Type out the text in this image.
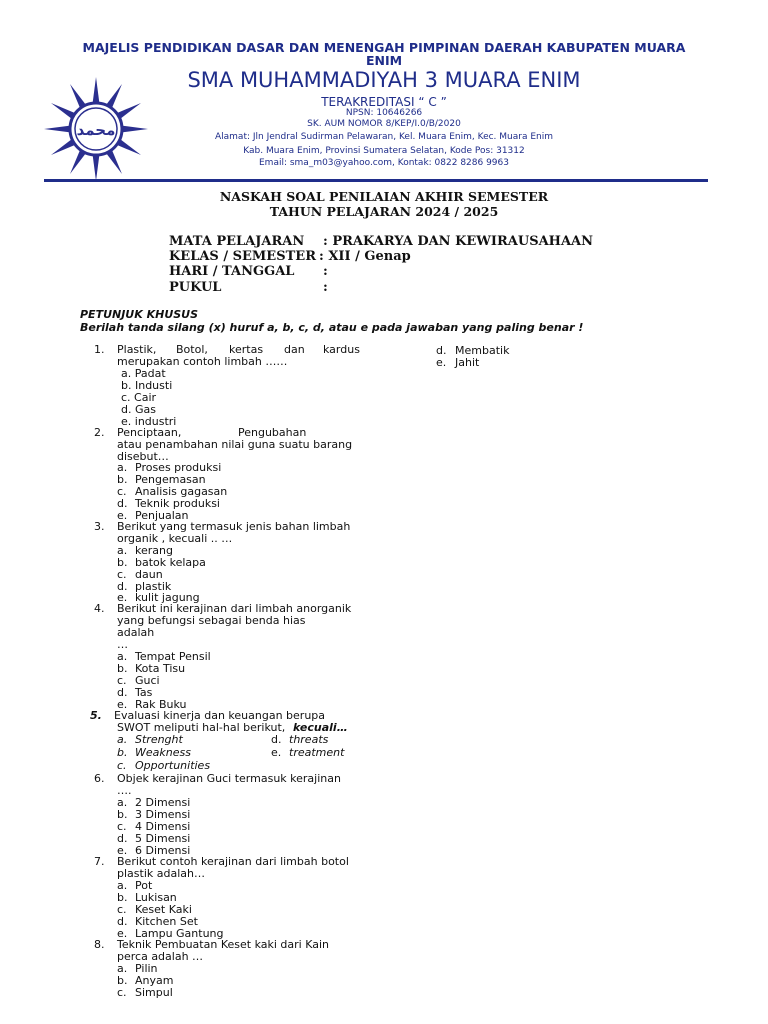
MAJELIS PENDIDIKAN DASAR DAN MENENGAH PIMPINAN DAERAH KABUPATEN MUARA
ENIM
محمد
SMA MUHAMMADIYAH 3 MUARA ENIM
TERAKREDITASI “ C ”
NPSN: 10646266
SK. AUM NOMOR 8/KEP/I.0/B/2020
Alamat: Jln Jendral Sudirman Pelawaran, Kel. Muara Enim, Kec. Muara Enim
Kab. Muara Enim, Provinsi Sumatera Selatan, Kode Pos: 31312
Email: sma_m03@yahoo.com, Kontak: 0822 8286 9963
NASKAH SOAL PENILAIAN AKHIR SEMESTER
TAHUN PELAJARAN 2024 / 2025
MATA PELAJARAN : PRAKARYA DAN KEWIRAUSAHAAN
KELAS / SEMESTER : XII / Genap
HARI / TANGGAL :
PUKUL	:
PETUNJUK KHUSUS
Berilah tanda silang (x) huruf a, b, c, d, atau e pada jawaban yang paling benar !
1. Plastik, Botol, kertas dan kardus
merupakan contoh limbah ……
a. Padat
b. Industi
c. Cair
d. Gas
e. industri
2. Penciptaan,	Pengubahan
atau penambahan nilai guna suatu barang
disebut…
a. Proses produksi
b. Pengemasan
c. Analisis gagasan
d. Teknik produksi
e. Penjualan
3. Berikut yang termasuk jenis bahan limbah
organik , kecuali .. …
a. kerang
b. batok kelapa
c. daun
d. plastik
e. kulit jagung
4. Berikut ini kerajinan dari limbah anorganik
yang befungsi sebagai benda hias
adalah
…
a. Tempat Pensil
b. Kota Tisu
c. Guci
d. Tas
e. Rak Buku
5. Evaluasi kinerja dan keuangan berupa
SWOT meliputi hal-hal berikut, kecuali…
a. Strenght	d. threats
b. Weakness	e. treatment
c. Opportunities
6. Objek kerajinan Guci termasuk kerajinan
….
a. 2 Dimensi
b. 3 Dimensi
c. 4 Dimensi
d. 5 Dimensi
e. 6 Dimensi
7. Berikut contoh kerajinan dari limbah botol
plastik adalah…
a. Pot
b. Lukisan
c. Keset Kaki
d. Kitchen Set
e. Lampu Gantung
8. Teknik Pembuatan Keset kaki dari Kain
perca adalah …
a. Pilin
b. Anyam
c. Simpul
d. Membatik
e. Jahit
